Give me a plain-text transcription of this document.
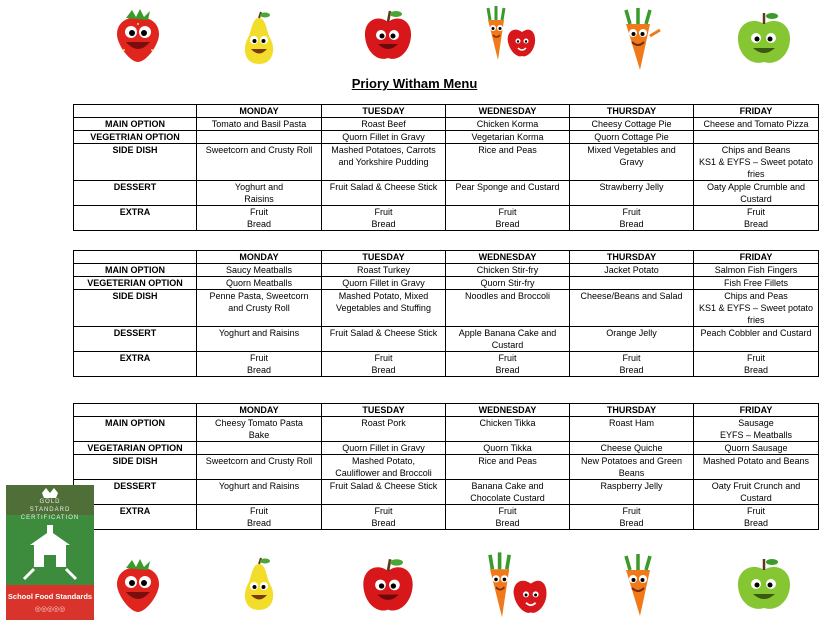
Priory Witham Menu
	MONDAY	TUESDAY	WEDNESDAY	THURSDAY	FRIDAY
MAIN OPTION	Tomato and Basil Pasta	Roast Beef	Chicken Korma	Cheesy Cottage Pie	Cheese and Tomato Pizza

VEGETRIAN OPTION		Quorn Fillet in Gravy	Vegetarian Korma	Quorn Cottage Pie	

SIDE DISH	Sweetcorn and Crusty Roll	Mashed Potatoes, Carrots
and Yorkshire Pudding	Rice and Peas	Mixed Vegetables and
Gravy	Chips and Beans
KS1 & EYFS – Sweet potato
fries

DESSERT	Yoghurt and
Raisins	Fruit Salad & Cheese Stick	Pear Sponge and Custard	Strawberry Jelly	Oaty Apple Crumble and
Custard

EXTRA	Fruit
Bread	Fruit
Bread	Fruit
Bread	Fruit
Bread	Fruit
Bread
	MONDAY	TUESDAY	WEDNESDAY	THURSDAY	FRIDAY
MAIN OPTION	Saucy Meatballs	Roast Turkey	Chicken Stir-fry	Jacket Potato	Salmon Fish Fingers

VEGETERIAN OPTION	Quorn Meatballs	Quorn Fillet in Gravy	Quorn Stir-fry		Fish Free Fillets

SIDE DISH	Penne Pasta, Sweetcorn
and Crusty Roll	Mashed Potato, Mixed
Vegetables and Stuffing	Noodles and Broccoli	Cheese/Beans and Salad	Chips and Peas
KS1 & EYFS – Sweet potato
fries

DESSERT	Yoghurt and Raisins	Fruit Salad & Cheese Stick	Apple Banana Cake and
Custard	Orange Jelly	Peach Cobbler and Custard

EXTRA	Fruit
Bread	Fruit
Bread	Fruit
Bread	Fruit
Bread	Fruit
Bread
	MONDAY	TUESDAY	WEDNESDAY	THURSDAY	FRIDAY
MAIN OPTION	Cheesy Tomato Pasta
Bake	Roast Pork	Chicken Tikka	Roast Ham	Sausage
EYFS – Meatballs

VEGETARIAN OPTION		Quorn Fillet in Gravy	Quorn Tikka	Cheese Quiche	Quorn Sausage

SIDE DISH	Sweetcorn and Crusty Roll	Mashed Potato,
Cauliflower and Broccoli	Rice and Peas	New Potatoes and Green
Beans	Mashed Potato and Beans

DESSERT	Yoghurt and Raisins	Fruit Salad & Cheese Stick	Banana Cake and
Chocolate Custard	Raspberry Jelly	Oaty Fruit Crunch and
Custard

EXTRA	Fruit
Bread	Fruit
Bread	Fruit
Bread	Fruit
Bread	Fruit
Bread
GOLD
STANDARD
CERTIFICATION
School Food Standards
◎◎◎◎◎
